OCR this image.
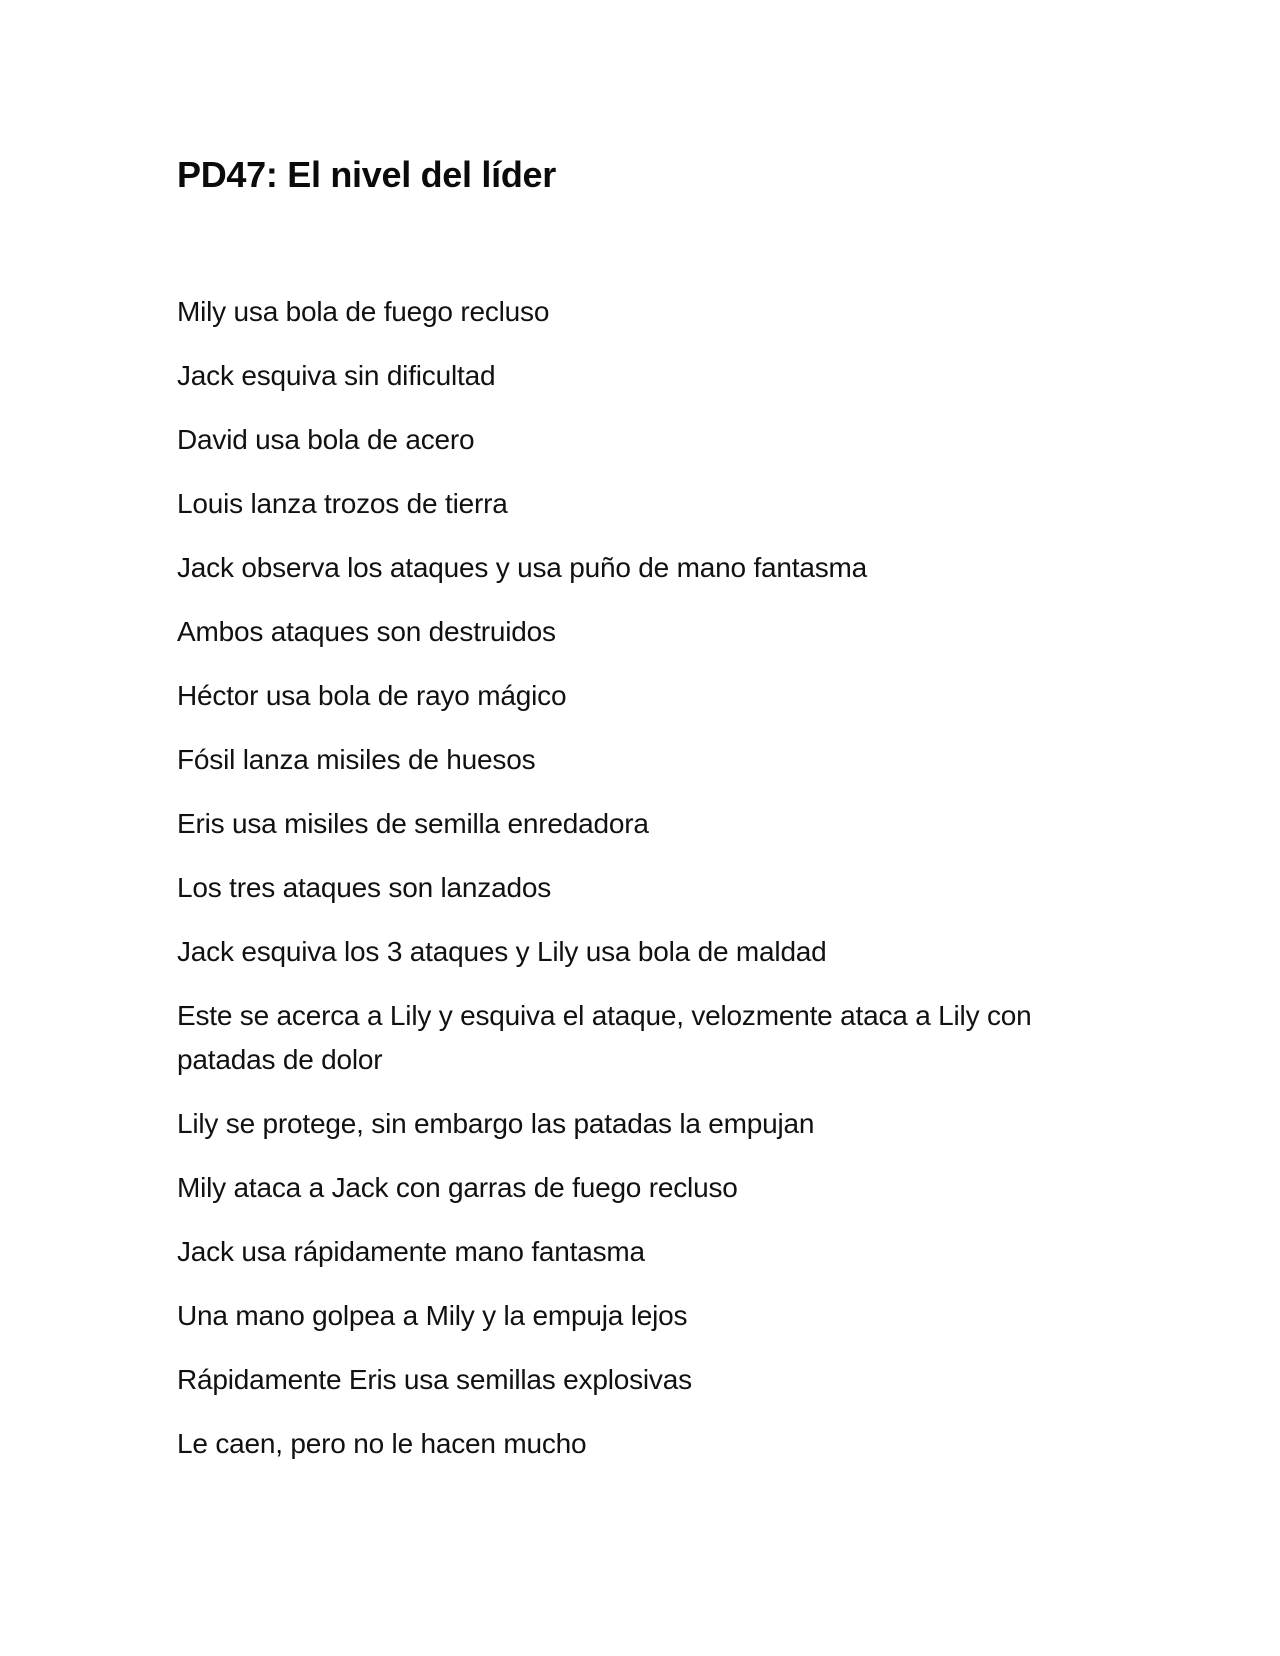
PD47: El nivel del líder
Mily usa bola de fuego recluso
Jack esquiva sin dificultad
David usa bola de acero
Louis lanza trozos de tierra
Jack observa los ataques y usa puño de mano fantasma
Ambos ataques son destruidos
Héctor usa bola de rayo mágico
Fósil lanza misiles de huesos
Eris usa misiles de semilla enredadora
Los tres ataques son lanzados
Jack esquiva los 3 ataques y Lily usa bola de maldad
Este se acerca a Lily y esquiva el ataque, velozmente ataca a Lily con patadas de dolor
Lily se protege, sin embargo las patadas la empujan
Mily ataca a Jack con garras de fuego recluso
Jack usa rápidamente mano fantasma
Una mano golpea a Mily y la empuja lejos
Rápidamente Eris usa semillas explosivas
Le caen, pero no le hacen mucho
